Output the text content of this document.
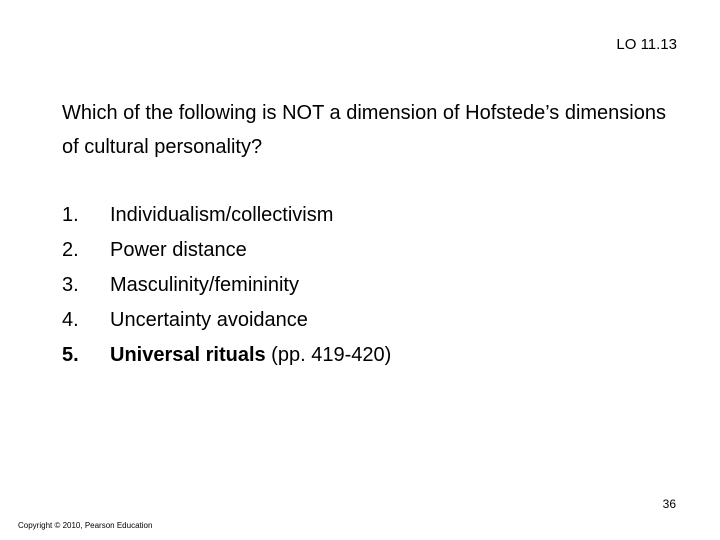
LO 11.13
Which of the following is NOT a dimension of Hofstede’s dimensions of cultural personality?
1. Individualism/collectivism
2. Power distance
3. Masculinity/femininity
4. Uncertainty avoidance
5. Universal rituals (pp. 419-420)
36
Copyright © 2010, Pearson Education
